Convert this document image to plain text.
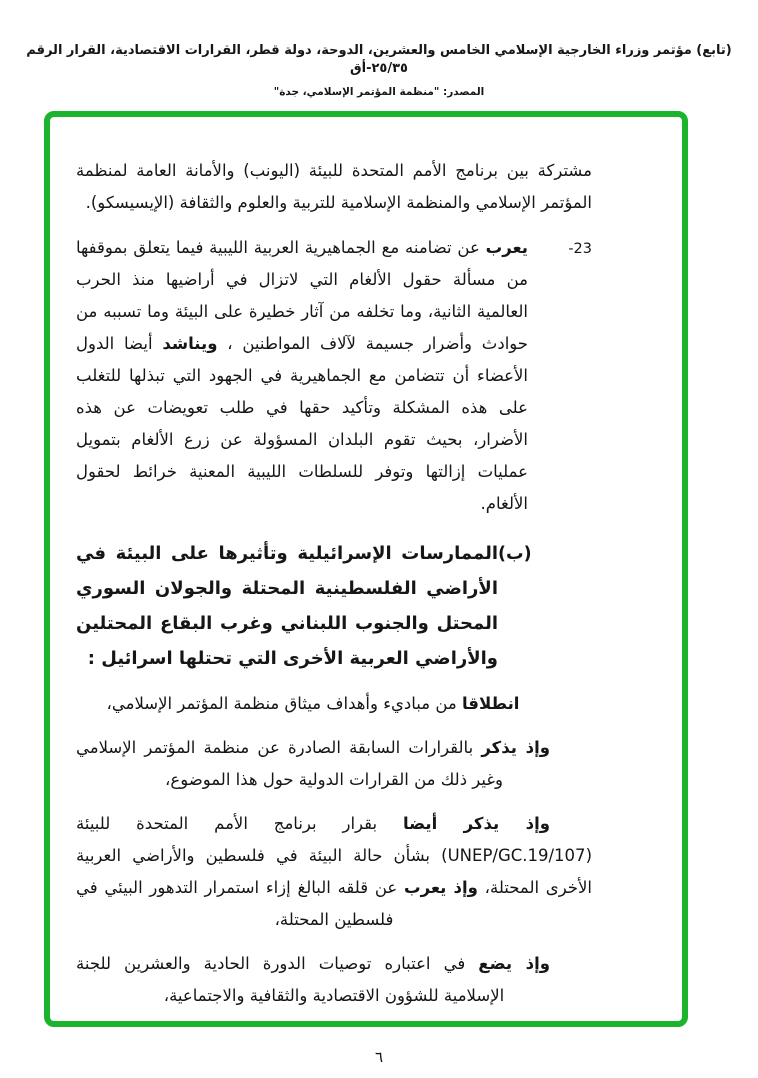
(تابع) مؤتمر وزراء الخارجية الإسلامي الخامس والعشرين، الدوحة، دولة قطر، القرارات الاقتصادية، القرار الرقم ٢٥/٣٥-أق
المصدر: "منظمة المؤتمر الإسلامي، جدة"
مشتركة بين برنامج الأمم المتحدة للبيئة (اليونب) والأمانة العامة لمنظمة المؤتمر الإسلامي والمنظمة الإسلامية للتربية والعلوم والثقافة (الإيسيسكو).
23-
يعرب عن تضامنه مع الجماهيرية العربية الليبية فيما يتعلق بموقفها من مسألة حقول الألغام التي لاتزال في أراضيها منذ الحرب العالمية الثانية، وما تخلفه من آثار خطيرة على البيئة وما تسببه من حوادث وأضرار جسيمة لآلاف المواطنين ، ويناشد أيضا الدول الأعضاء أن تتضامن مع الجماهيرية في الجهود التي تبذلها للتغلب على هذه المشكلة وتأكيد حقها في طلب تعويضات عن هذه الأضرار، بحيث تقوم البلدان المسؤولة عن زرع الألغام بتمويل عمليات إزالتها وتوفر للسلطات الليبية المعنية خرائط لحقول الألغام.
(ب)
الممارسات الإسرائيلية وتأثيرها على البيئة في الأراضي الفلسطينية المحتلة والجولان السوري المحتل والجنوب اللبناني وغرب البقاع المحتلين والأراضي العربية الأخرى التي تحتلها اسرائيل :
انطلاقا من مباديء وأهداف ميثاق منظمة المؤتمر الإسلامي،
وإذ يذكر بالقرارات السابقة الصادرة عن منظمة المؤتمر الإسلامي وغير ذلك من القرارات الدولية حول هذا الموضوع،
وإذ يذكر أيضا بقرار برنامج الأمم المتحدة للبيئة (UNEP/GC.19/107) بشأن حالة البيئة في فلسطين والأراضي العربية الأخرى المحتلة، وإذ يعرب عن قلقه البالغ إزاء استمرار التدهور البيئي في فلسطين المحتلة،
وإذ يضع في اعتباره توصيات الدورة الحادية والعشرين للجنة الإسلامية للشؤون الاقتصادية والثقافية والاجتماعية،
٦
